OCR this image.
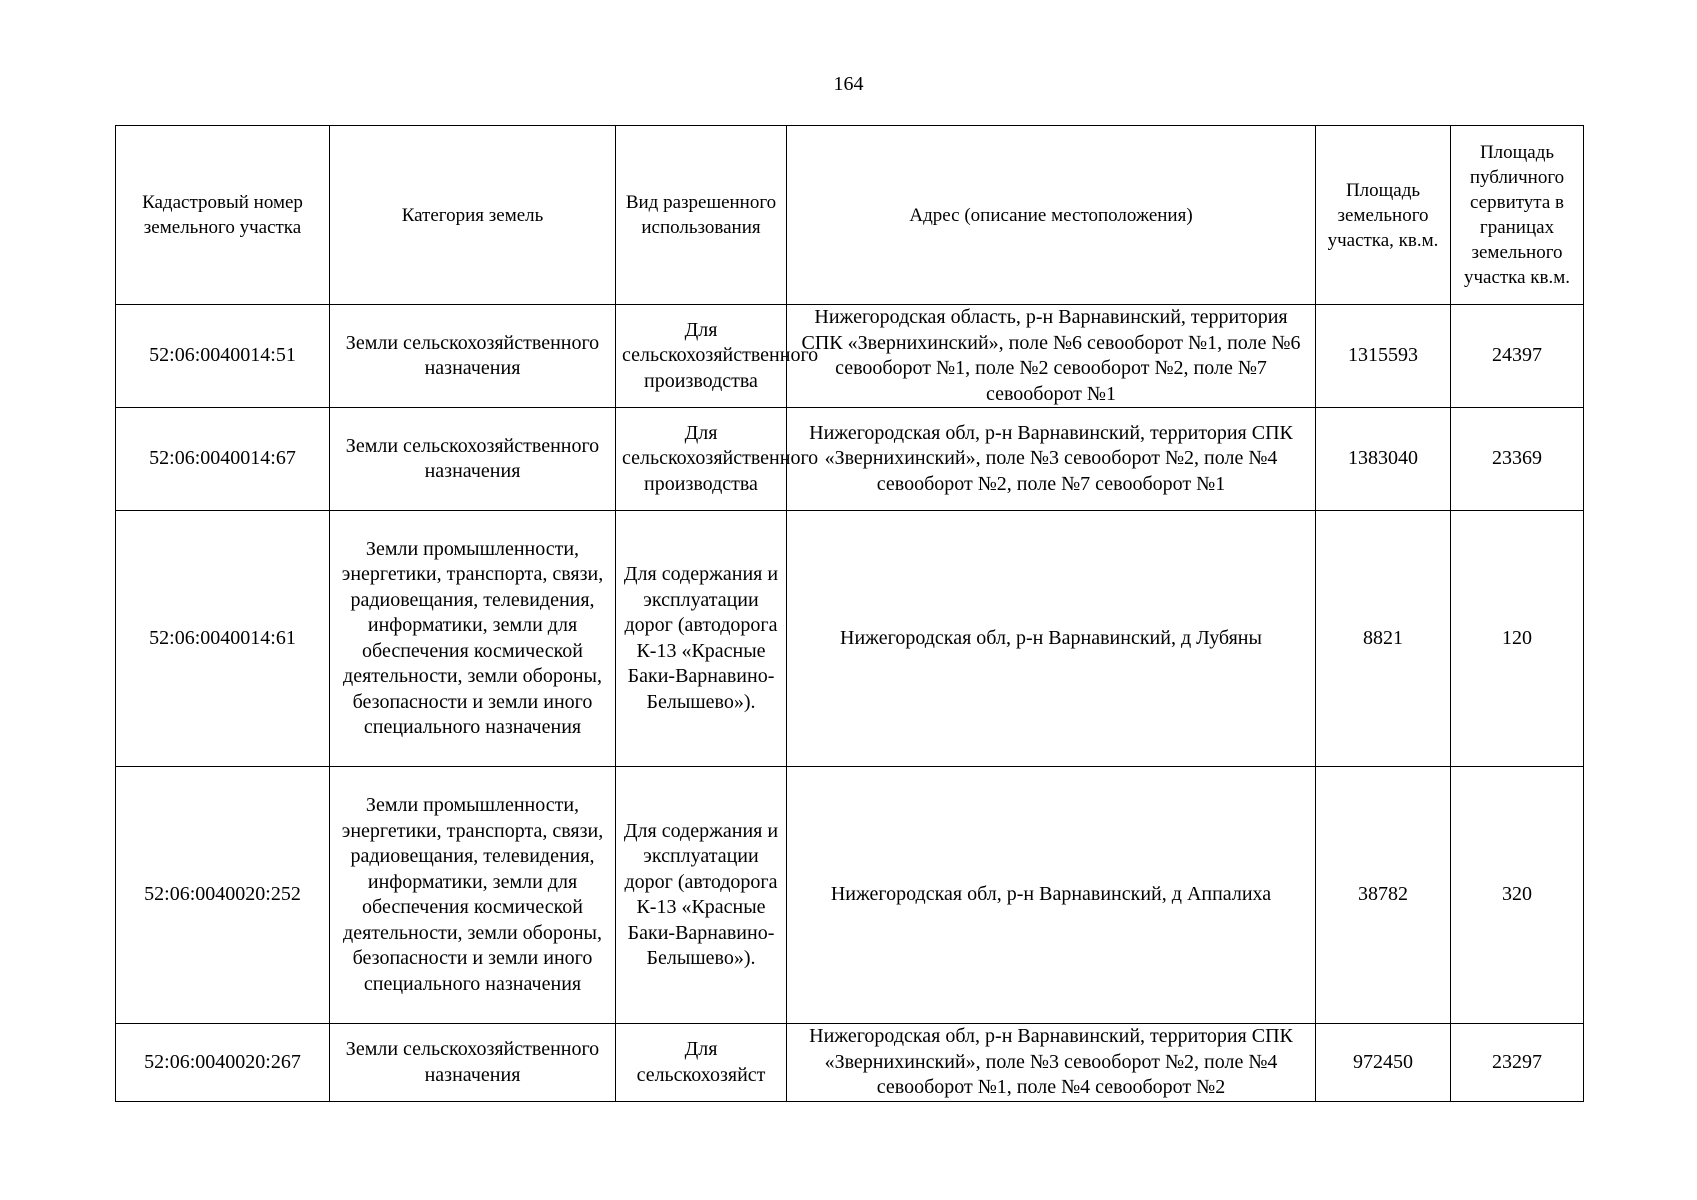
164
Кадастровый номер земельного участка	Категория земель	Вид разрешенного использования	Адрес (описание местоположения)	Площадь земельного участка, кв.м.	Площадь публичного сервитута в границах земельного участка кв.м.
52:06:0040014:51	Земли сельскохозяйственного назначения	Для сельскохозяйственного производства	Нижегородская область, р-н Варнавинский, территория СПК «Звернихинский», поле №6 севооборот №1, поле №6 севооборот №1, поле №2 севооборот №2, поле №7 севооборот №1	1315593	24397
52:06:0040014:67	Земли сельскохозяйственного назначения	Для сельскохозяйственного производства	Нижегородская обл, р-н Варнавинский, территория СПК «Звернихинский», поле №3 севооборот №2, поле №4 севооборот №2, поле №7 севооборот №1	1383040	23369
52:06:0040014:61	Земли промышленности, энергетики, транспорта, связи, радиовещания, телевидения, информатики, земли для обеспечения космической деятельности, земли обороны, безопасности и земли иного специального назначения	Для содержания и эксплуатации дорог (автодорога К-13 «Красные Баки-Варнавино-Белышево»).	Нижегородская обл, р-н Варнавинский, д Лубяны	8821	120
52:06:0040020:252	Земли промышленности, энергетики, транспорта, связи, радиовещания, телевидения, информатики, земли для обеспечения космической деятельности, земли обороны, безопасности и земли иного специального назначения	Для содержания и эксплуатации дорог (автодорога К-13 «Красные Баки-Варнавино-Белышево»).	Нижегородская обл, р-н Варнавинский, д Аппалиха	38782	320
52:06:0040020:267	Земли сельскохозяйственного назначения	Для сельскохозяйст	Нижегородская обл, р-н Варнавинский, территория СПК «Звернихинский», поле №3 севооборот №2, поле №4 севооборот №1, поле №4 севооборот №2	972450	23297
